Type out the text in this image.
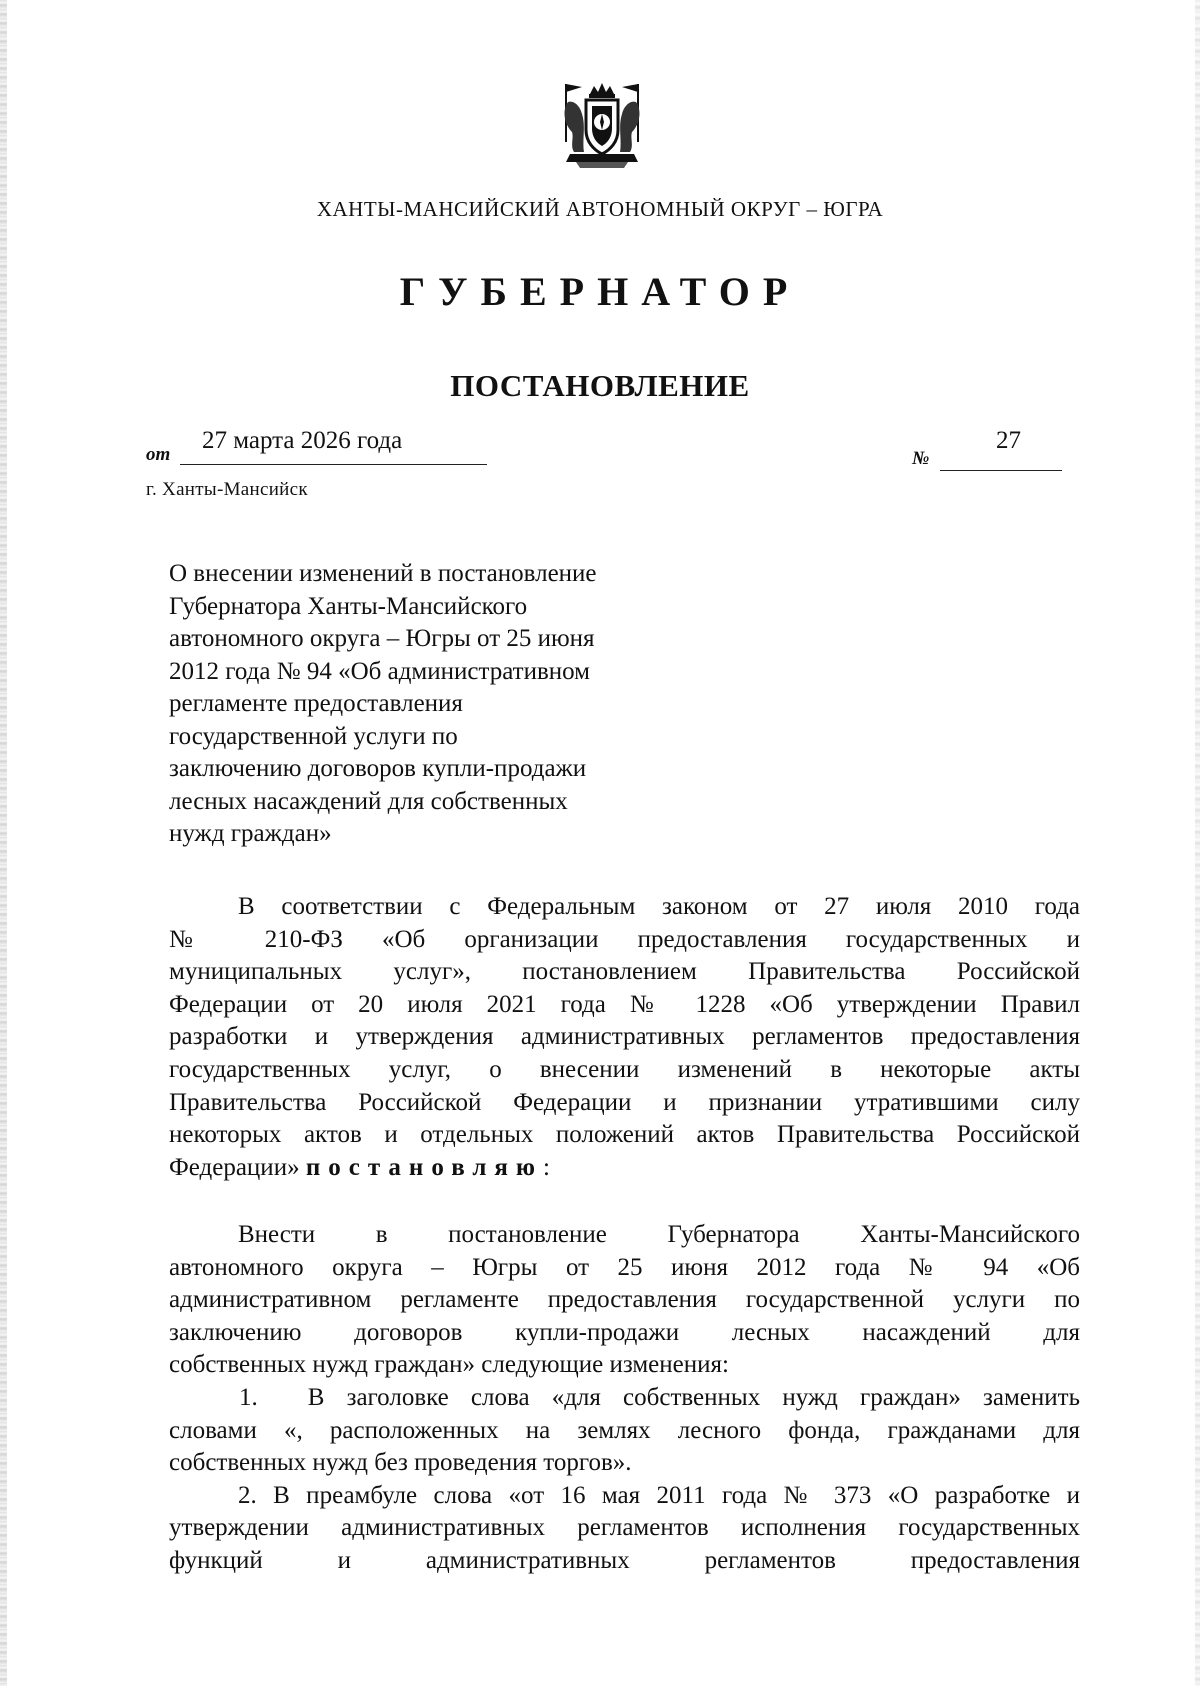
ХАНТЫ-МАНСИЙСКИЙ АВТОНОМНЫЙ ОКРУГ – ЮГРА
ГУБЕРНАТОР
ПОСТАНОВЛЕНИЕ
от
27 марта 2026 года
№
27
г. Ханты-Мансийск
О внесении изменений в постановление
Губернатора Ханты-Мансийского
автономного округа – Югры от 25 июня
2012 года № 94 «Об административном
регламенте предоставления
государственной услуги по
заключению договоров купли-продажи
лесных насаждений для собственных
нужд граждан»
В соответствии с Федеральным законом от 27 июля 2010 года
№ 210-ФЗ «Об организации предоставления государственных и
муниципальных услуг», постановлением Правительства Российской
Федерации от 20 июля 2021 года № 1228 «Об утверждении Правил
разработки и утверждения административных регламентов предоставления
государственных услуг, о внесении изменений в некоторые акты
Правительства Российской Федерации и признании утратившими силу
некоторых актов и отдельных положений актов Правительства Российской
Федерации» постановляю:
Внести в постановление Губернатора Ханты-Мансийского
автономного округа – Югры от 25 июня 2012 года № 94 «Об
административном регламенте предоставления государственной услуги по
заключению договоров купли-продажи лесных насаждений для
собственных нужд граждан» следующие изменения:
1.  В заголовке слова «для собственных нужд граждан» заменить
словами «, расположенных на землях лесного фонда, гражданами для
собственных нужд без проведения торгов».
2. В преамбуле слова «от 16 мая 2011 года № 373 «О разработке и
утверждении административных регламентов исполнения государственных
функций и административных регламентов предоставления
